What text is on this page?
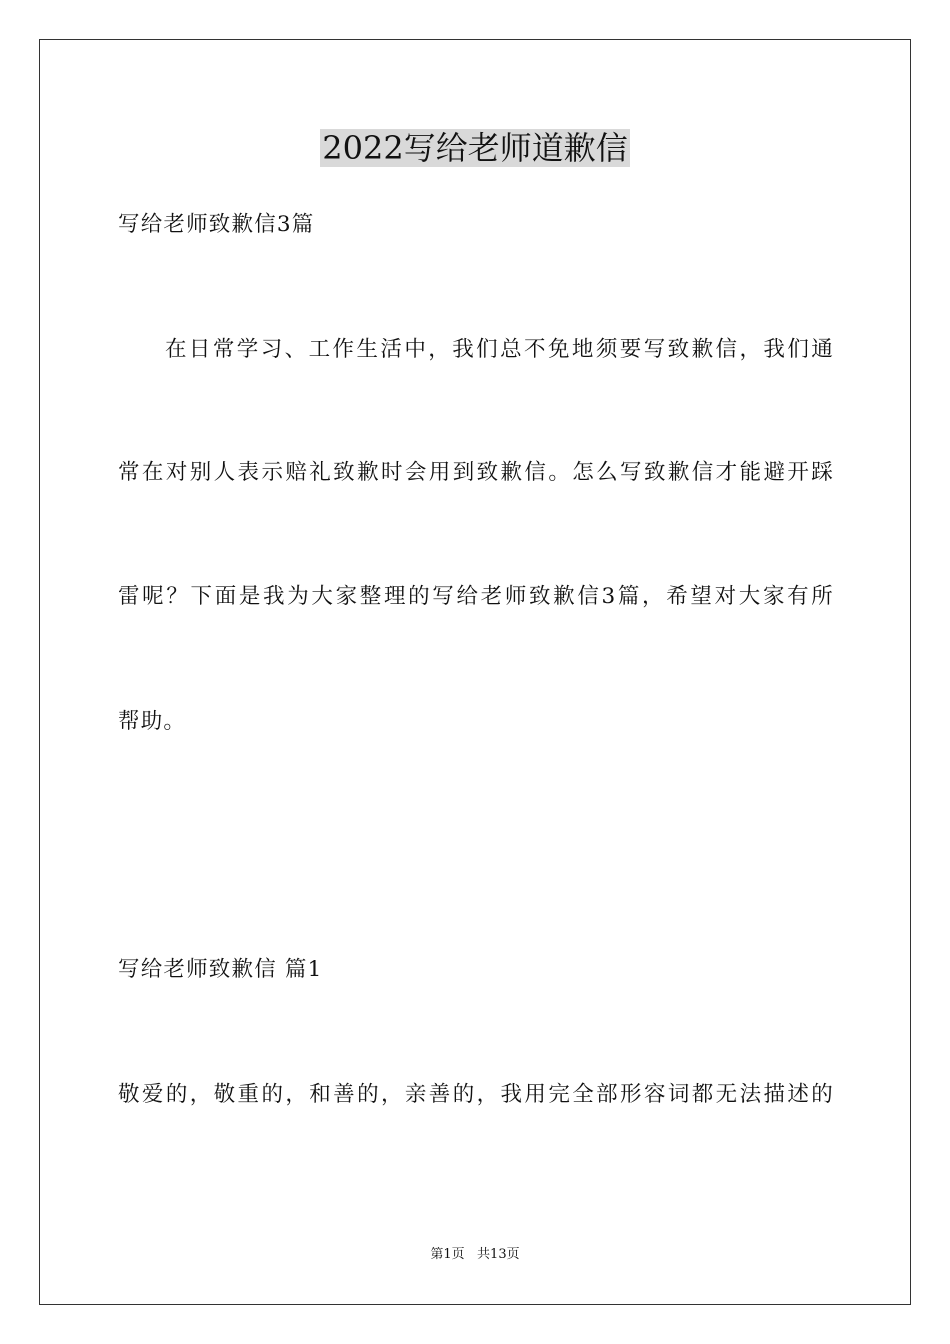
2022写给老师道歉信
写给老师致歉信3篇
在日常学习、工作生活中，我们总不免地须要写致歉信，我们通
常在对别人表示赔礼致歉时会用到致歉信。怎么写致歉信才能避开踩
雷呢？下面是我为大家整理的写给老师致歉信3篇，希望对大家有所
帮助。
写给老师致歉信 篇1
敬爱的，敬重的，和善的，亲善的，我用完全部形容词都无法描述的
第1页   共13页
